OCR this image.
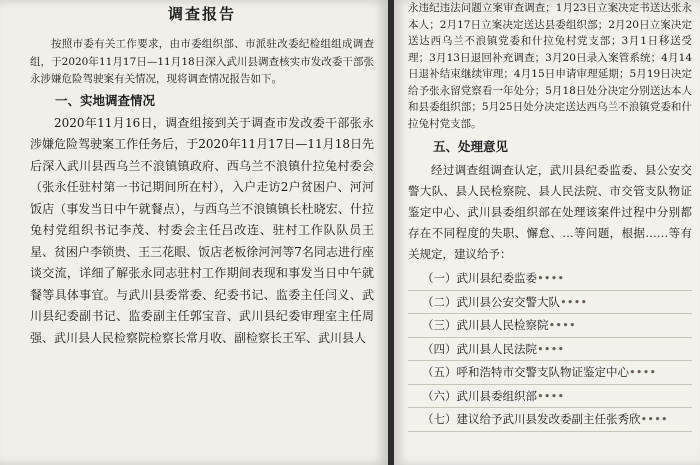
调查报告

按照市委有关工作要求，由市委组织部、市派驻改委纪检组组成调查组，于2020年11月17日—11月18日深入武川县调查核实市发改委干部张永涉嫌危险驾驶案有关情况，现将调查情况报告如下。

一、实地调查情况

2020年11月16日，调查组接到关于调查市发改委干部张永涉嫌危险驾驶案工作任务后，于2020年11月17日—11月18日先后深入武川县西乌兰不浪镇镇政府、西乌兰不浪镇什拉兔村委会（张永任驻村第一书记期间所在村），入户走访2户贫困户、河河饭店（事发当日中午就餐点），与西乌兰不浪镇镇长杜晓宏、什拉兔村党组织书记李茂、村委会主任吕改连、驻村工作队队员王星、贫困户李锁贵、王三花眼、饭店老板徐河河等7名同志进行座谈交流，详细了解张永同志驻村工作期间表现和事发当日中午就餐等具体事宜。与武川县委常委、纪委书记、监委主任闫义、武川县纪委副书记、监委副主任郭宝音、武川县纪委审理室主任周强、武川县人民检察院检察长常月收、副检察长王军、武川县人

永违纪违法问题立案审查调查；1月23日立案决定书送达张永本人；2月17日立案决定送达县委组织部；2月20日立案决定送达西乌兰不浪镇党委和什拉兔村党支部；3月1日移送受理；3月13日退回补充调查；3月20日录入案管系统；4月14日退补结束继续审理；4月15日申请审理延期；5月19日决定给予张永留党察看一年处分；5月18日处分决定分别送达本人和县委组织部；5月25日处分决定送达西乌兰不浪镇党委和什拉兔村党支部。

五、处理意见

经过调查组调查认定，武川县纪委监委、县公安交警大队、县人民检察院、县人民法院、市交管支队物证鉴定中心、武川县委组织部在处理该案件过程中分别都存在不同程度的失职、懈怠、…等问题，根据……等有关规定，建议给予：

（一）武川县纪委监委••••
（二）武川县公安交警大队••••
（三）武川县人民检察院••••
（四）武川县人民法院••••
（五）呼和浩特市交警支队物证鉴定中心••••
（六）武川县委组织部••••
（七）建议给予武川县发改委副主任张秀欣••••
